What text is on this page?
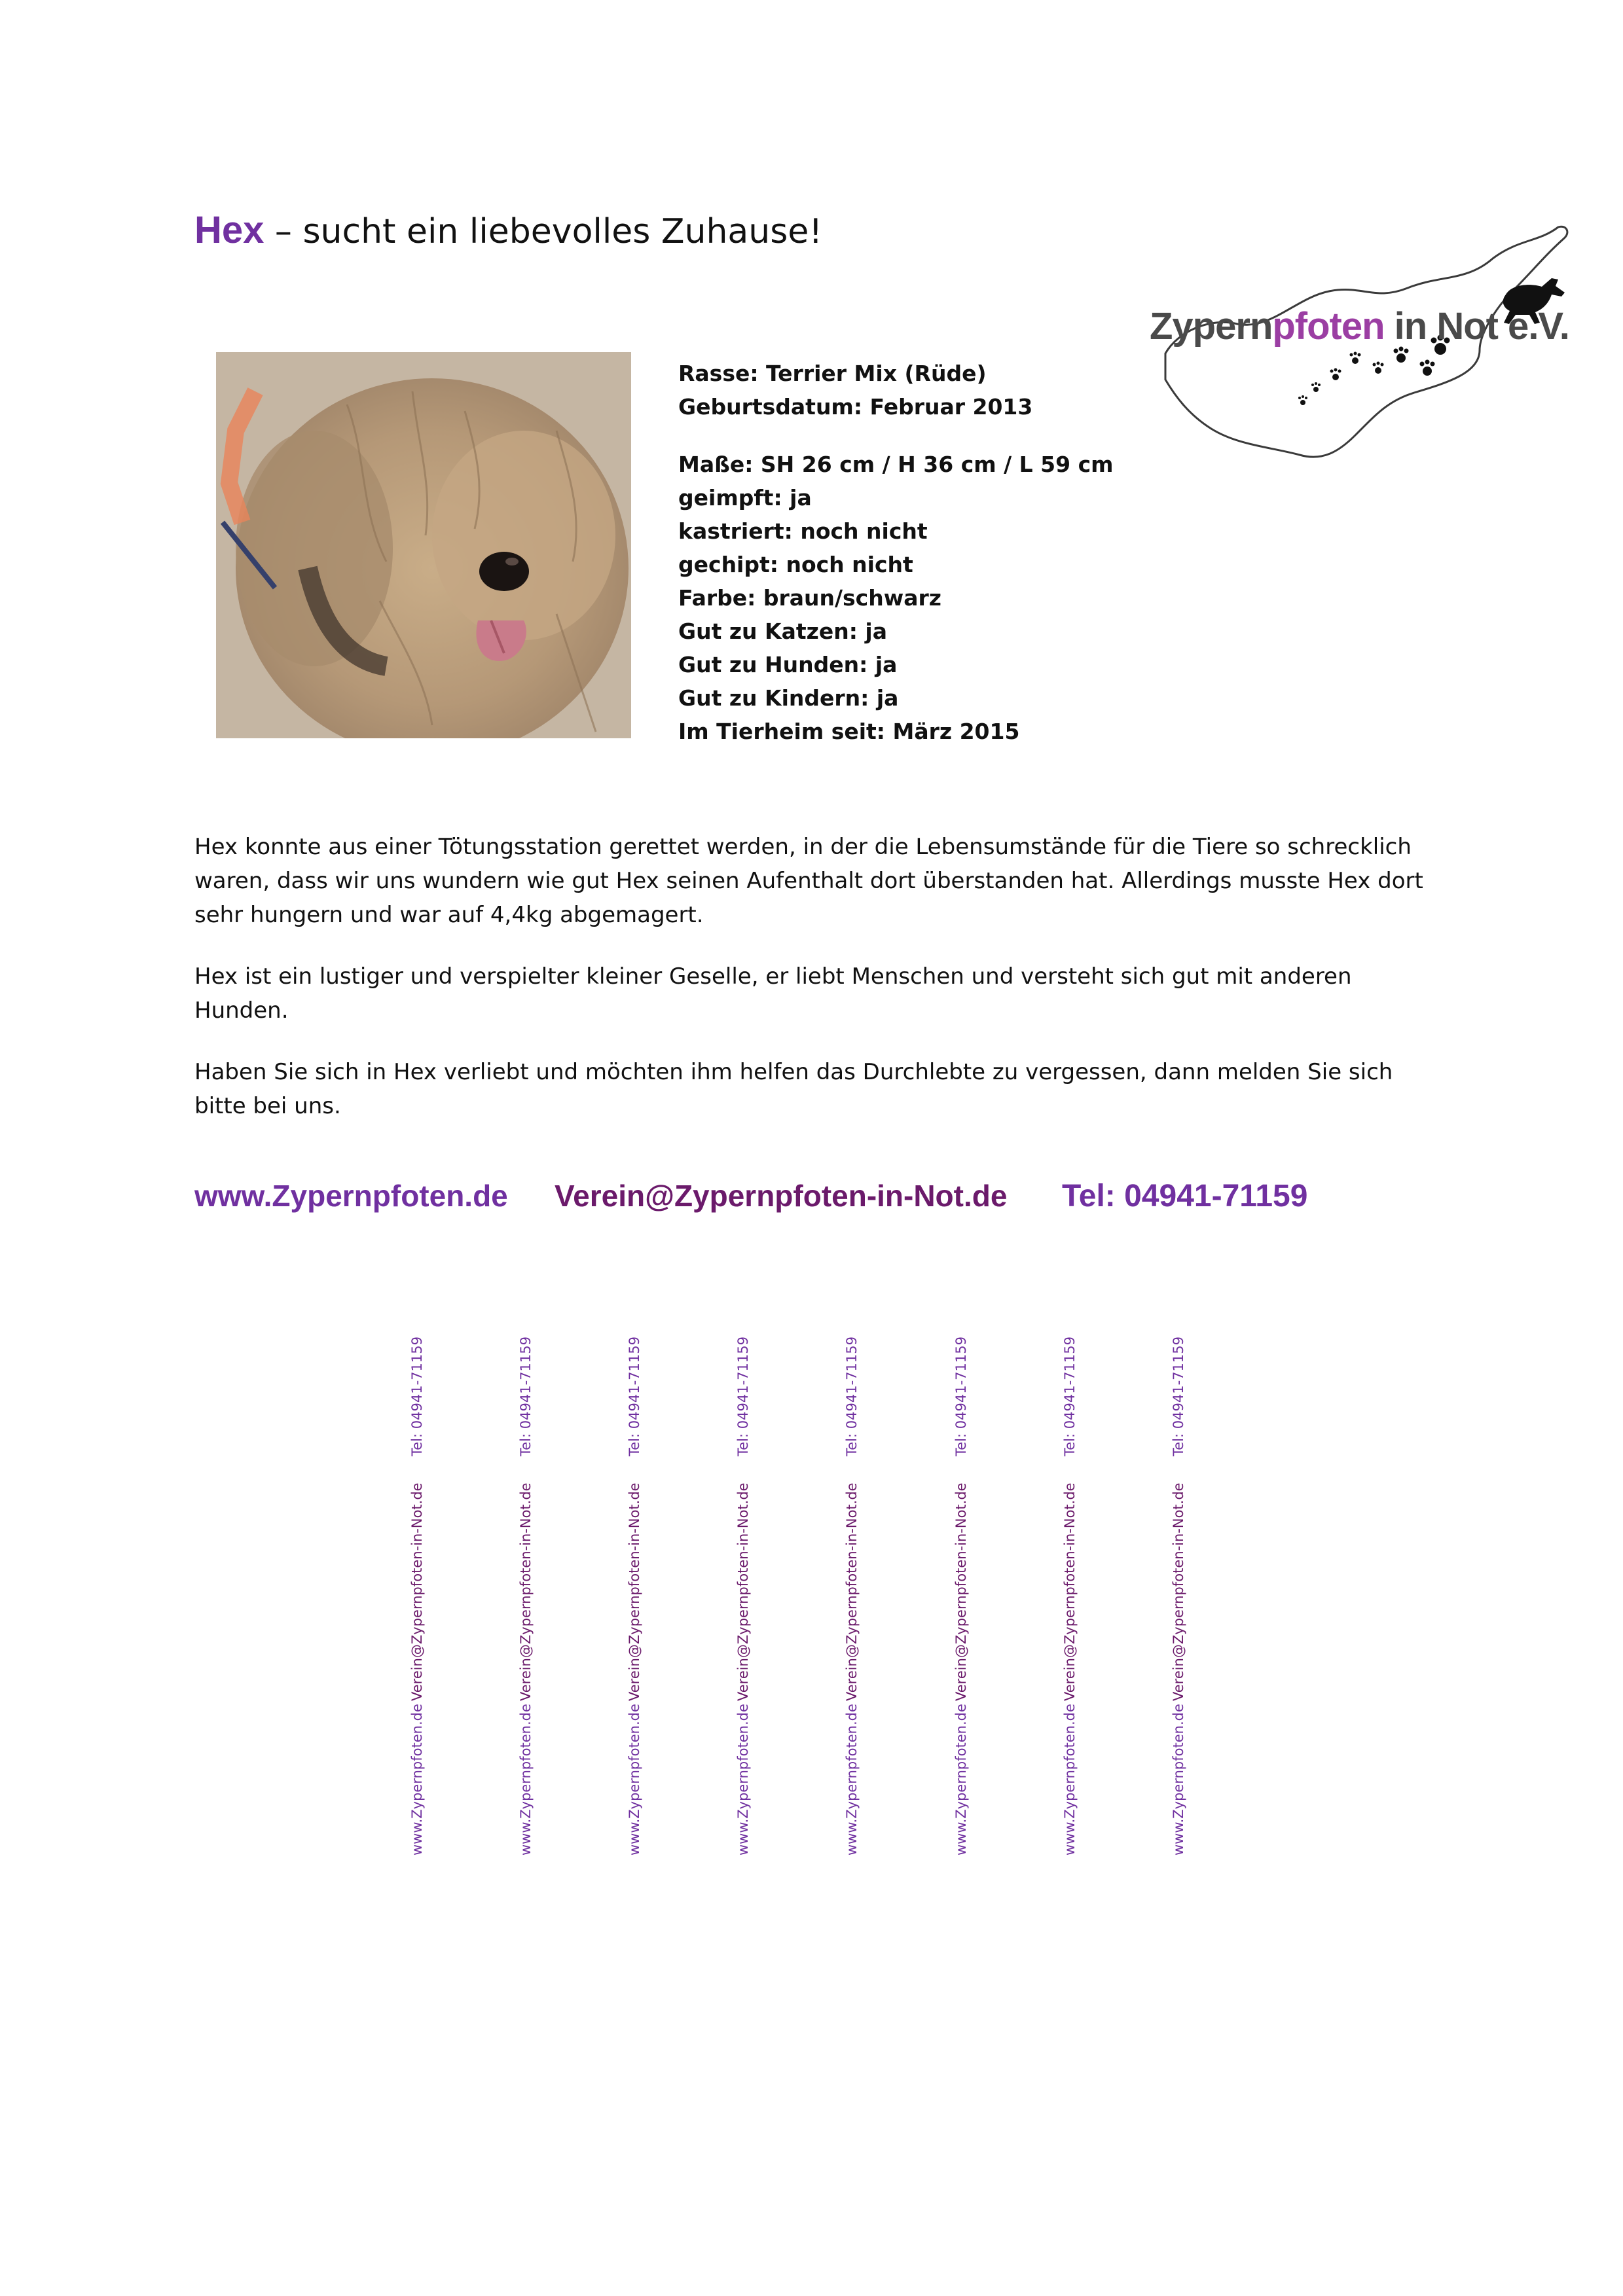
Hex – sucht ein liebevolles Zuhause!
Zypernpfoten in Not e.V.
Rasse: Terrier Mix (Rüde)
Geburtsdatum: Februar 2013
Maße: SH 26 cm / H 36 cm / L 59 cm
geimpft: ja
kastriert: noch nicht
gechipt: noch nicht
Farbe: braun/schwarz
Gut zu Katzen: ja
Gut zu Hunden: ja
Gut zu Kindern: ja
Im Tierheim seit: März 2015

Hex konnte aus einer Tötungsstation gerettet werden, in der die Lebensumstände für die Tiere so schrecklich waren, dass wir uns wundern wie gut Hex seinen Aufenthalt dort überstanden hat. Allerdings musste Hex dort sehr hungern und war auf 4,4kg abgemagert.

Hex ist ein lustiger und verspielter kleiner Geselle, er liebt Menschen und versteht sich gut mit anderen Hunden.

Haben Sie sich in Hex verliebt und möchten ihm helfen das Durchlebte zu vergessen, dann melden Sie sich bitte bei uns.

www.Zypernpfoten.de Verein@Zypernpfoten-in-Not.de Tel: 04941-71159
Tel: 04941-71159
Verein@Zypernpfoten-in-Not.de
www.Zypernpfoten.de
Tel: 04941-71159
Verein@Zypernpfoten-in-Not.de
www.Zypernpfoten.de
Tel: 04941-71159
Verein@Zypernpfoten-in-Not.de
www.Zypernpfoten.de
Tel: 04941-71159
Verein@Zypernpfoten-in-Not.de
www.Zypernpfoten.de
Tel: 04941-71159
Verein@Zypernpfoten-in-Not.de
www.Zypernpfoten.de
Tel: 04941-71159
Verein@Zypernpfoten-in-Not.de
www.Zypernpfoten.de
Tel: 04941-71159
Verein@Zypernpfoten-in-Not.de
www.Zypernpfoten.de
Tel: 04941-71159
Verein@Zypernpfoten-in-Not.de
www.Zypernpfoten.de
